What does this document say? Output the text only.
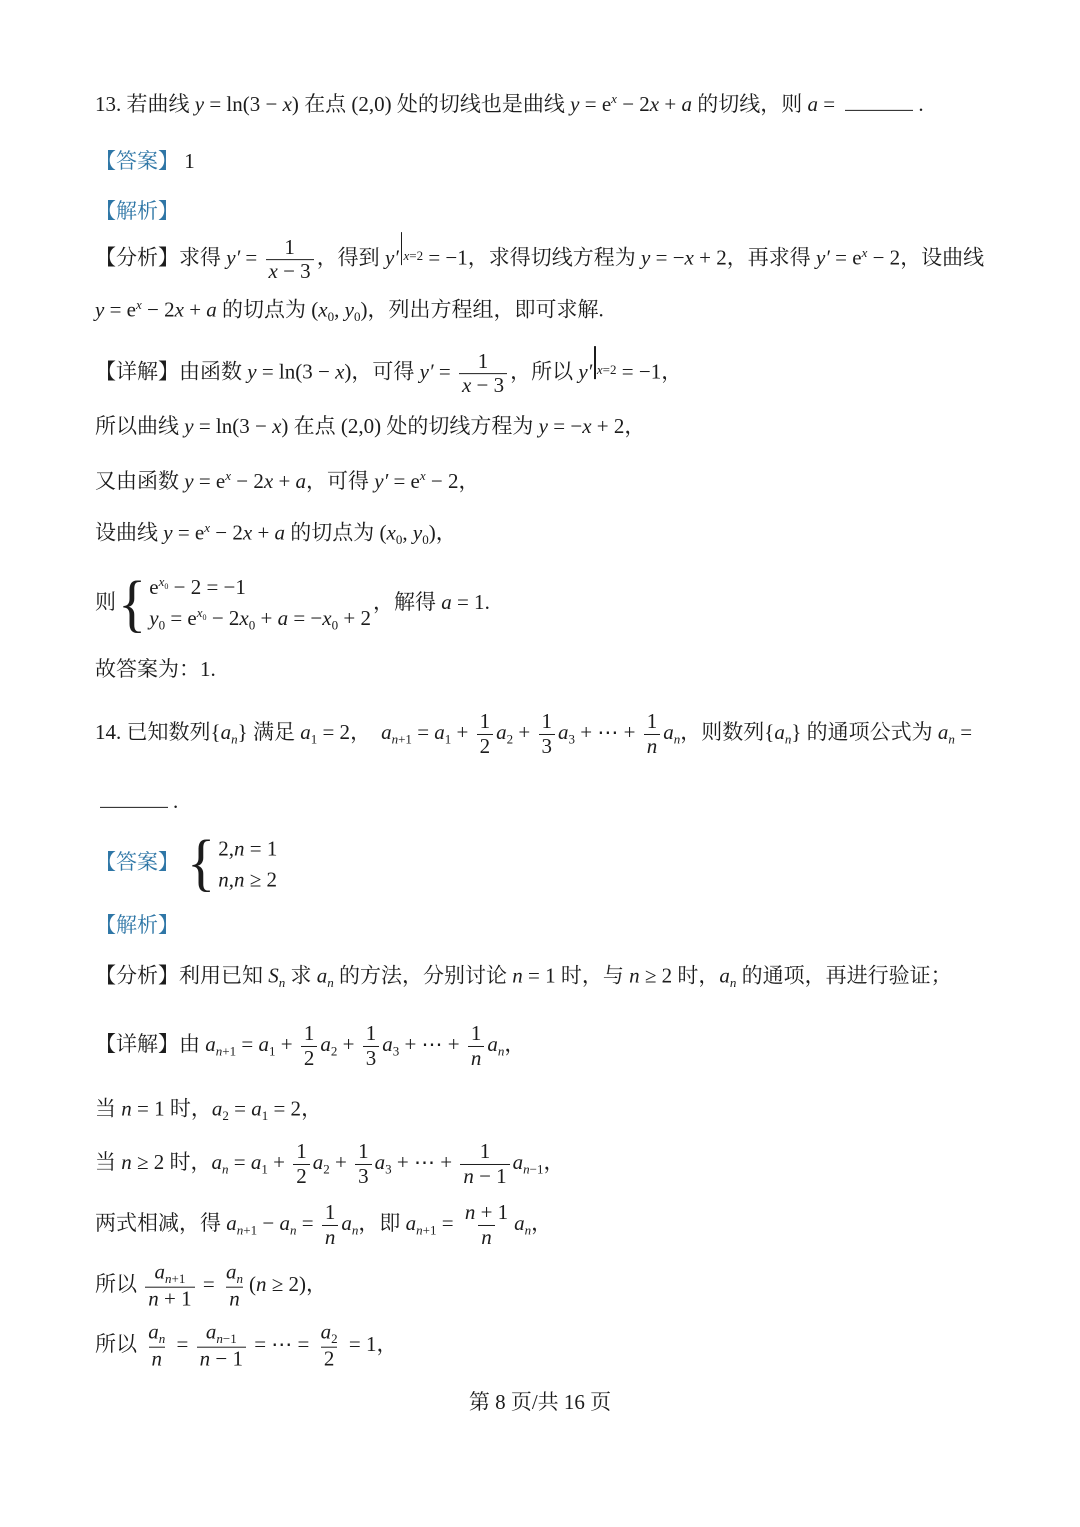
13. 若曲线 y = ln(3 − x) 在点 (2,0) 处的切线也是曲线 $y = e^x - 2x + a$ 的切线，则 a =	.
【答案】 1
【解析】
【分析】求得 $y' = \frac{1}{x - 3}$ ，得到 y′ x=2 = −1，求得切线方程为 y = −x + 2，再求得 $y' = e^x - 2$，设曲线
$y = e^x - 2x + a$ 的切点为 ($x_0$, $y_0$)，列出方程组，即可求解.
【详解】由函数 y = ln(3 − x)，可得 $y' = \frac{1}{x - 3}$ ，所以 y′ x=2 = −1，
所以曲线 y = ln(3 − x) 在点 (2,0) 处的切线方程为 y = −x + 2，
又由函数 $y = e^x - 2x + a$，可得 $y' = e^x - 2$，
设曲线 $y = e^x - 2x + a$ 的切点为 ($x_0$, $y_0$)，
则 { $e^{x_0} - 2 = -1$
$y_0 = e^{x_0} - 2x_0 + a = -x_0 + 2$
，解得 a = 1.
故答案为：1.
14. 已知数列$\{a_n\}$ 满足 $a_1 = 2$， $a_{n+1} = a_1 + \frac{1}{2} a_2 + \frac{1}{3} a_3$ + ⋯ + $\frac{1}{n} a_n$，则数列$\{a_n\}$ 的通项公式为 $a_n$ =
.
【答案】 { 2,n = 1
n,n ≥ 2
【解析】
【分析】利用已知 $S_n$ 求 $a_n$ 的方法，分别讨论 n = 1 时，与 n ≥ 2 时，$a_n$ 的通项，再进行验证；
【详解】由 $a_{n+1} = a_1 + \frac{1}{2} a_2 + \frac{1}{3} a_3$ + ⋯ + $\frac{1}{n} a_n$，
当 n = 1 时，$a_2 = a_1 = 2$，
当 n ≥ 2 时，$a_n = a_1 + \frac{1}{2} a_2 + \frac{1}{3} a_3$ + ⋯ + $\frac{1}{n - 1} a_{n-1}$，
两式相减，得 $a_{n+1} - a_n = \frac{1}{n} a_n$，即 $a_{n+1} = \frac{n + 1}{n} a_n$，
所以 $\frac{a_{n+1}}{n + 1} = \frac{a_n}{n} (n \ge 2)$，
所以 $\frac{a_n}{n} = \frac{a_{n-1}}{n - 1}$ = ⋯ = $\frac{a_2}{2} = 1$，
第 8 页/共 16 页
